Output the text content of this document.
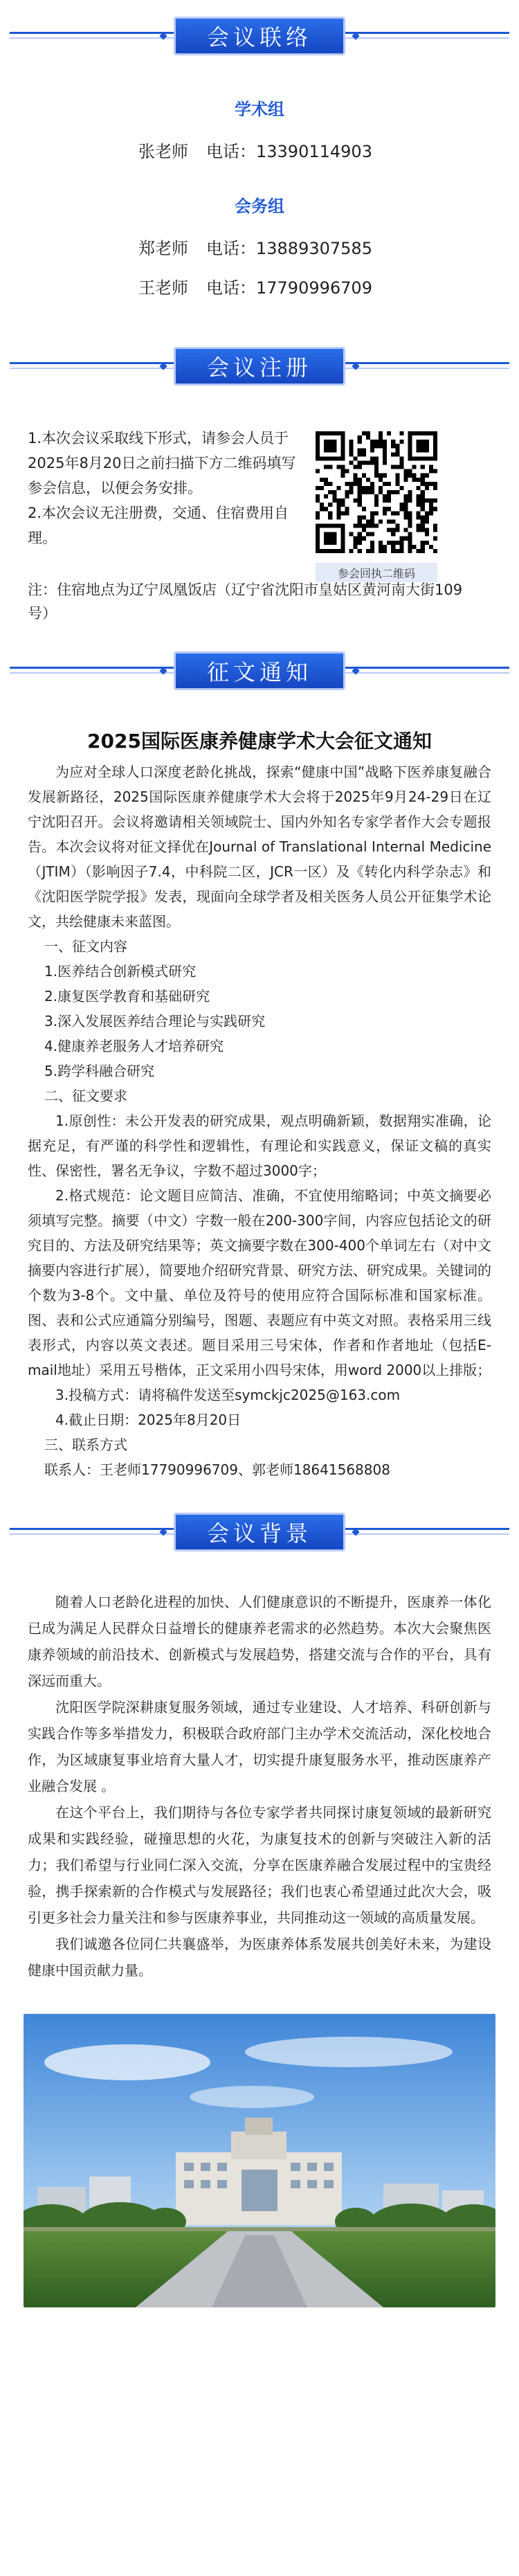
会议联络
学术组
张老师 电话：13390114903
会务组
郑老师 电话：13889307585
王老师 电话：17790996709
会议注册
1.本次会议采取线下形式，请参会人员于2025年8月20日之前扫描下方二维码填写参会信息，以便会务安排。
2.本次会议无注册费，交通、住宿费用自理。
参会回执二维码
注：住宿地点为辽宁凤凰饭店（辽宁省沈阳市皇姑区黄河南大街109号）
征文通知
2025国际医康养健康学术大会征文通知

为应对全球人口深度老龄化挑战，探索“健康中国”战略下医养康复融合发展新路径，2025国际医康养健康学术大会将于2025年9月24-29日在辽宁沈阳召开。会议将邀请相关领域院士、国内外知名专家学者作大会专题报告。本次会议将对征文择优在Journal of Translational Internal Medicine（JTIM）（影响因子7.4，中科院二区，JCR一区）及《转化内科学杂志》和《沈阳医学院学报》发表，现面向全球学者及相关医务人员公开征集学术论文，共绘健康未来蓝图。

一、征文内容
1.医养结合创新模式研究
2.康复医学教育和基础研究
3.深入发展医养结合理论与实践研究
4.健康养老服务人才培养研究
5.跨学科融合研究
二、征文要求

1.原创性：未公开发表的研究成果，观点明确新颖，数据翔实准确，论据充足，有严谨的科学性和逻辑性，有理论和实践意义，保证文稿的真实性、保密性，署名无争议，字数不超过3000字；

2.格式规范：论文题目应简洁、准确，不宜使用缩略词；中英文摘要必须填写完整。摘要（中文）字数一般在200-300字间，内容应包括论文的研究目的、方法及研究结果等；英文摘要字数在300-400个单词左右（对中文摘要内容进行扩展），简要地介绍研究背景、研究方法、研究成果。关键词的个数为3-8个。文中量、单位及符号的使用应符合国际标准和国家标准。图、表和公式应通篇分别编号，图题、表题应有中英文对照。表格采用三线表形式，内容以英文表述。题目采用三号宋体，作者和作者地址（包括E-mail地址）采用五号楷体，正文采用小四号宋体，用word 2000以上排版；

3.投稿方式：请将稿件发送至symckjc2025@163.com

4.截止日期：2025年8月20日

三、联系方式
联系人：王老师17790996709、郭老师18641568808
会议背景

随着人口老龄化进程的加快、人们健康意识的不断提升，医康养一体化已成为满足人民群众日益增长的健康养老需求的必然趋势。本次大会聚焦医康养领域的前沿技术、创新模式与发展趋势，搭建交流与合作的平台，具有深远而重大。

沈阳医学院深耕康复服务领域，通过专业建设、人才培养、科研创新与实践合作等多举措发力，积极联合政府部门主办学术交流活动，深化校地合作，为区域康复事业培育大量人才，切实提升康复服务水平，推动医康养产业融合发展 。

在这个平台上，我们期待与各位专家学者共同探讨康复领域的最新研究成果和实践经验，碰撞思想的火花，为康复技术的创新与突破注入新的活力；我们希望与行业同仁深入交流，分享在医康养融合发展过程中的宝贵经验，携手探索新的合作模式与发展路径；我们也衷心希望通过此次大会，吸引更多社会力量关注和参与医康养事业，共同推动这一领域的高质量发展。

我们诚邀各位同仁共襄盛举，为医康养体系发展共创美好未来，为建设健康中国贡献力量。
